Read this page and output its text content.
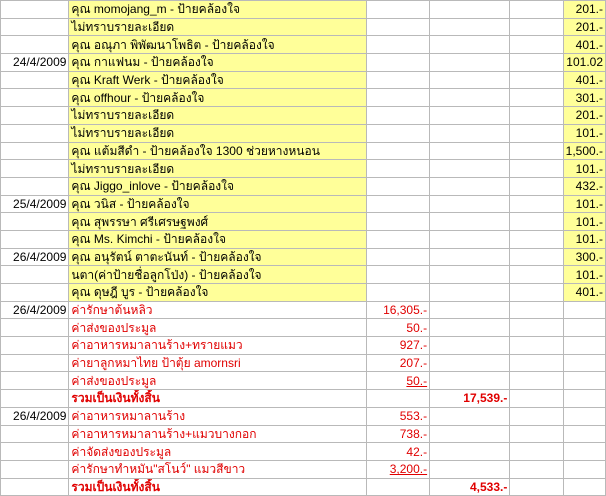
	คุณ momojang_m - ป้ายคล้องใจ				201.-
	ไม่ทราบรายละเอียด				201.-
	คุณ อณุภา พิพัฒนาโพธิต - ป้ายคล้องใจ				401.-
24/4/2009	คุณ กาแฟนม - ป้ายคล้องใจ				101.02
	คุณ Kraft Werk - ป้ายคล้องใจ				401.-
	คุณ offhour - ป้ายคล้องใจ				301.-
	ไม่ทราบรายละเอียด				201.-
	ไม่ทราบรายละเอียด				101.-
	คุณ แต้มสีดำ - ป้ายคล้องใจ 1300 ช่วยหางหนอน				1,500.-
	ไม่ทราบรายละเอียด				101.-
	คุณ Jiggo_inlove - ป้ายคล้องใจ				432.-
25/4/2009	คุณ วนิส - ป้ายคล้องใจ				101.-
	คุณ สุพรรษา ศรีเศรษฐพงศ์				101.-
	คุณ Ms. Kimchi - ป้ายคล้องใจ				101.-
26/4/2009	คุณ อนุรัตน์ ตาตะนันท์ - ป้ายคล้องใจ				300.-
	นตา(ค่าป้ายชื่อลูกโป่ง) - ป้ายคล้องใจ				101.-
	คุณ ดุษฎี บูร - ป้ายคล้องใจ				401.-
26/4/2009	ค่ารักษาต้นหลิว	16,305.-			
	ค่าส่งของประมูล	50.-			
	ค่าอาหารหมาลานร้าง+ทรายแมว	927.-			
	ค่ายาลูกหมาไทย ป้าตุ้ย amornsri	207.-			
	ค่าส่งของประมูล	50.-			
	รวมเป็นเงินทั้งสิ้น		17,539.-		
26/4/2009	ค่าอาหารหมาลานร้าง	553.-			
	ค่าอาหารหมาลานร้าง+แมวบางกอก	738.-			
	ค่าจัดส่งของประมูล	42.-			
	ค่ารักษาทำหมัน"สโนว์" แมวสีขาว	3,200.-			
	รวมเป็นเงินทั้งสิ้น		4,533.-		
